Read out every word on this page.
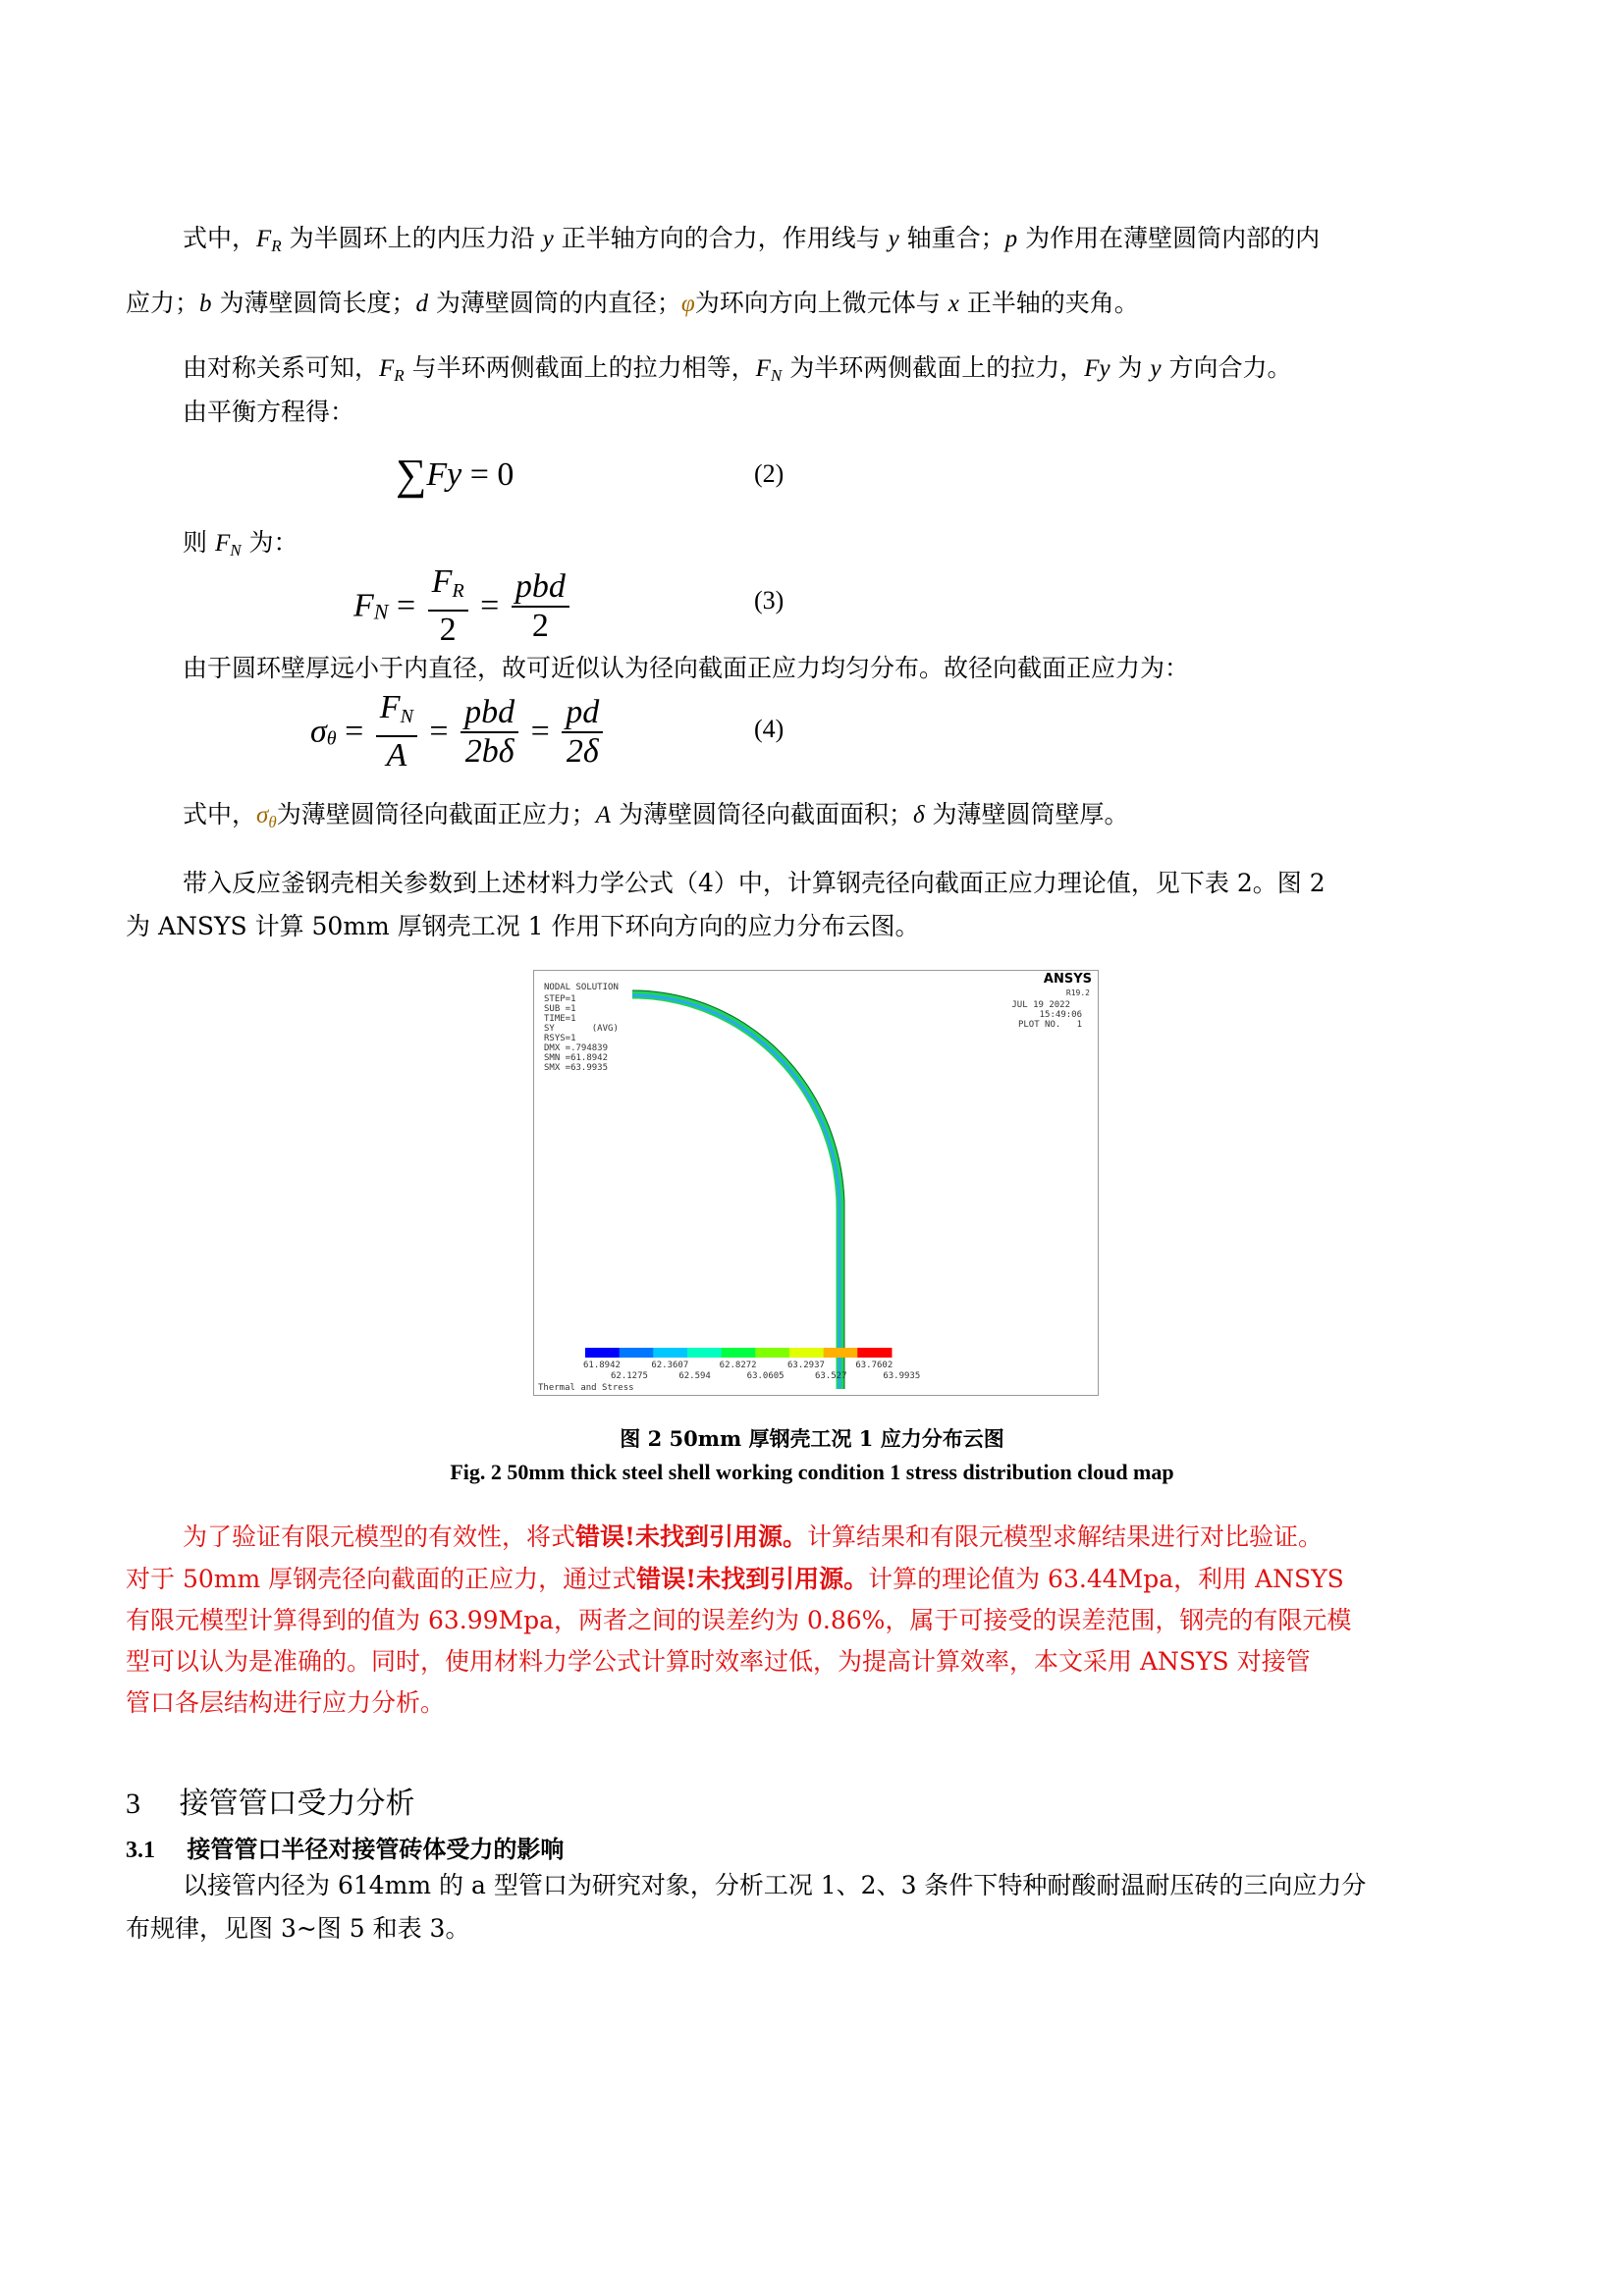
式中，$F_R$ 为半圆环上的内压力沿 y 正半轴方向的合力，作用线与 y 轴重合；p 为作用在薄壁圆筒内部的内
应力；b 为薄壁圆筒长度；d 为薄壁圆筒的内直径；φ为环向方向上微元体与 x 正半轴的夹角。
由对称关系可知，$F_R$ 与半环两侧截面上的拉力相等，$F_N$ 为半环两侧截面上的拉力，Fy 为 y 方向合力。
由平衡方程得：
∑Fy = 0	(2)
则 $F_N$ 为：
$F_N = \frac{F_R}{2} = \frac{\text{pbd}}{2}$	(3)
由于圆环壁厚远小于内直径，故可近似认为径向截面正应力均匀分布。故径向截面正应力为：
$\sigma_\theta = \frac{F_N}{A} = \frac{\text{pbd}}{2b\delta} = \frac{pd}{2\delta}$	(4)
式中，$\sigma_\theta$为薄壁圆筒径向截面正应力；A 为薄壁圆筒径向截面面积；δ 为薄壁圆筒壁厚。
带入反应釜钢壳相关参数到上述材料力学公式（4）中，计算钢壳径向截面正应力理论值，见下表 2。图 2
为 ANSYS 计算 50mm 厚钢壳工况 1 作用下环向方向的应力分布云图。
NODAL SOLUTION
STEP=1
SUB =1
TIME=1
SY       (AVG)
RSYS=1
DMX =.794839
SMN =61.8942
SMX =63.9935
ANSYS
R19.2
JUL 19 2022
15:49:06
PLOT NO.   1
61.8942	62.3607	62.8272	63.2937	63.7602
62.1275	62.594	63.0605	63.527	63.9935
Thermal and Stress
图 2 50mm 厚钢壳工况 1 应力分布云图
Fig. 2 50mm thick steel shell working condition 1 stress distribution cloud map
为了验证有限元模型的有效性，将式错误!未找到引用源。计算结果和有限元模型求解结果进行对比验证。
对于 50mm 厚钢壳径向截面的正应力，通过式错误!未找到引用源。计算的理论值为 63.44Mpa，利用 ANSYS
有限元模型计算得到的值为 63.99Mpa，两者之间的误差约为 0.86%，属于可接受的误差范围，钢壳的有限元模
型可以认为是准确的。同时，使用材料力学公式计算时效率过低，为提高计算效率，本文采用 ANSYS 对接管
管口各层结构进行应力分析。
3 接管管口受力分析
3.1 接管管口半径对接管砖体受力的影响
以接管内径为 614mm 的 a 型管口为研究对象，分析工况 1、2、3 条件下特种耐酸耐温耐压砖的三向应力分
布规律，见图 3~图 5 和表 3。
